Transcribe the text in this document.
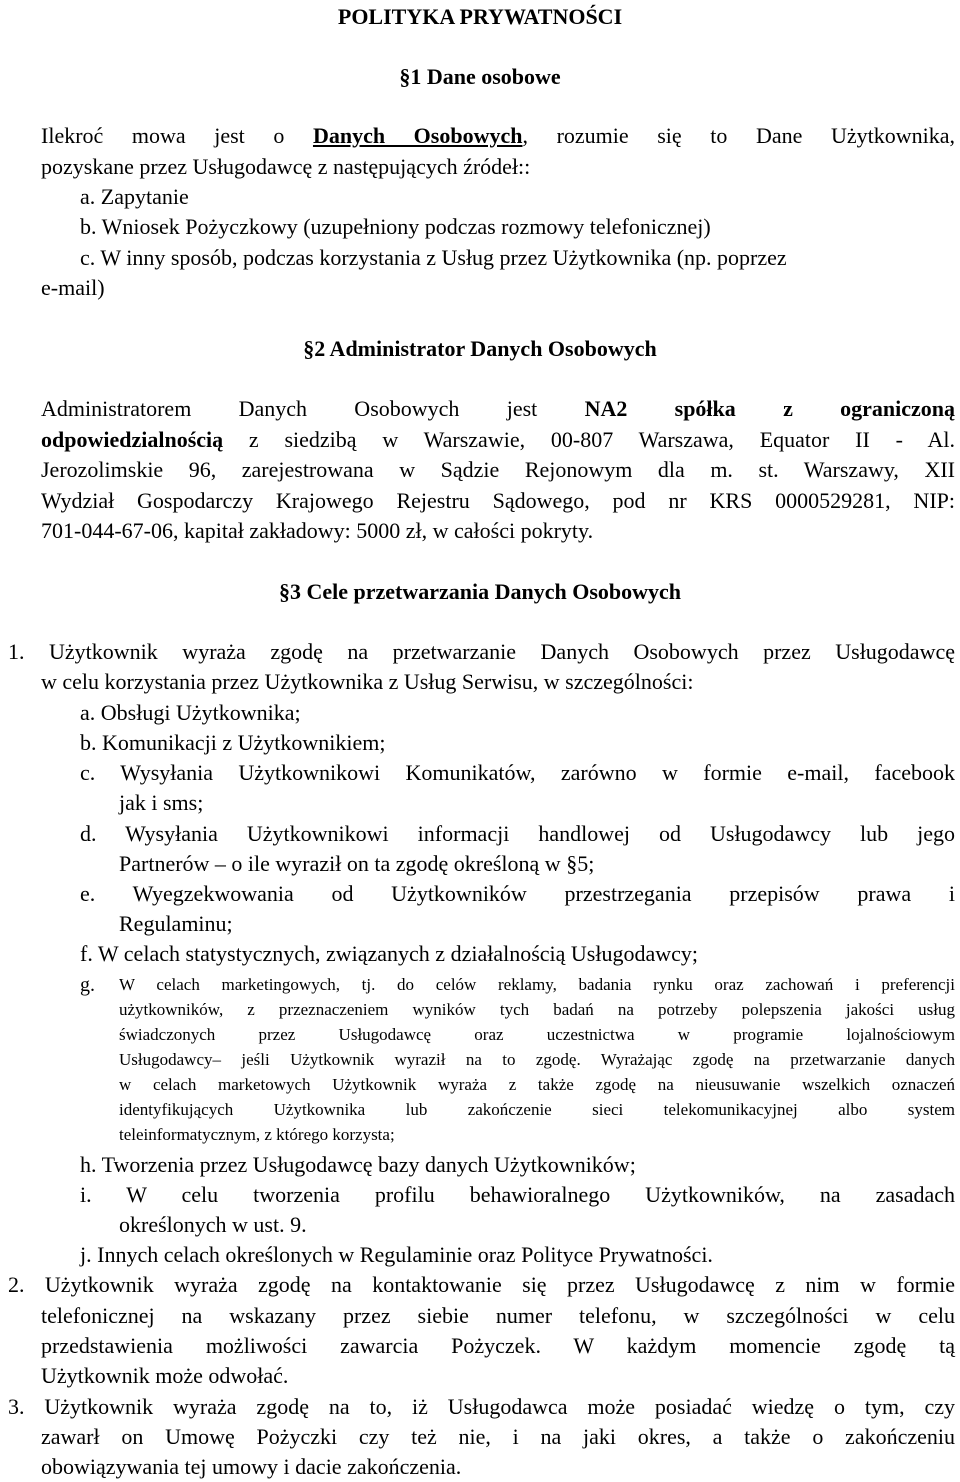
POLITYKA PRYWATNOŚCI
§1 Dane osobowe
Ilekroć mowa jest o Danych Osobowych, rozumie się to Dane Użytkownika,
pozyskane przez Usługodawcę z następujących źródeł::
a. Zapytanie
b. Wniosek Pożyczkowy (uzupełniony podczas rozmowy telefonicznej)
c. W inny sposób, podczas korzystania z Usług przez Użytkownika (np. poprzez
e-mail)
§2 Administrator Danych Osobowych
Administratorem Danych Osobowych jest NA2 spółka z ograniczoną
odpowiedzialnością z siedzibą w Warszawie, 00-807 Warszawa, Equator II - Al.
Jerozolimskie 96, zarejestrowana w Sądzie Rejonowym dla m. st. Warszawy, XII
Wydział Gospodarczy Krajowego Rejestru Sądowego, pod nr KRS 0000529281, NIP:
701-044-67-06, kapitał zakładowy: 5000 zł, w całości pokryty.
§3 Cele przetwarzania Danych Osobowych
1. Użytkownik wyraża zgodę na przetwarzanie Danych Osobowych przez Usługodawcę
w celu korzystania przez Użytkownika z Usług Serwisu, w szczególności:
a. Obsługi Użytkownika;
b. Komunikacji z Użytkownikiem;
c. Wysyłania Użytkownikowi Komunikatów, zarówno w formie e-mail, facebook
jak i sms;
d. Wysyłania Użytkownikowi informacji handlowej od Usługodawcy lub jego
Partnerów – o ile wyraził on ta zgodę określoną w §5;
e. Wyegzekwowania od Użytkowników przestrzegania przepisów prawa i
Regulaminu;
f. W celach statystycznych, związanych z działalnością Usługodawcy;
g. W celach marketingowych, tj. do celów reklamy, badania rynku oraz zachowań i preferencji
użytkowników, z przeznaczeniem wyników tych badań na potrzeby polepszenia jakości usług
świadczonych przez Usługodawcę oraz uczestnictwa w programie lojalnościowym
Usługodawcy– jeśli Użytkownik wyraził na to zgodę. Wyrażając zgodę na przetwarzanie danych
w celach marketowych Użytkownik wyraża z także zgodę na nieusuwanie wszelkich oznaczeń
identyfikujących Użytkownika lub zakończenie sieci telekomunikacyjnej albo system
teleinformatycznym, z którego korzysta;
h. Tworzenia przez Usługodawcę bazy danych Użytkowników;
i. W celu tworzenia profilu behawioralnego Użytkowników, na zasadach
określonych w ust. 9.
j. Innych celach określonych w Regulaminie oraz Polityce Prywatności.
2. Użytkownik wyraża zgodę na kontaktowanie się przez Usługodawcę z nim w formie
telefonicznej na wskazany przez siebie numer telefonu, w szczególności w celu
przedstawienia możliwości zawarcia Pożyczek. W każdym momencie zgodę tą
Użytkownik może odwołać.
3. Użytkownik wyraża zgodę na to, iż Usługodawca może posiadać wiedzę o tym, czy
zawarł on Umowę Pożyczki czy też nie, i na jaki okres, a także o zakończeniu
obowiązywania tej umowy i dacie zakończenia.
